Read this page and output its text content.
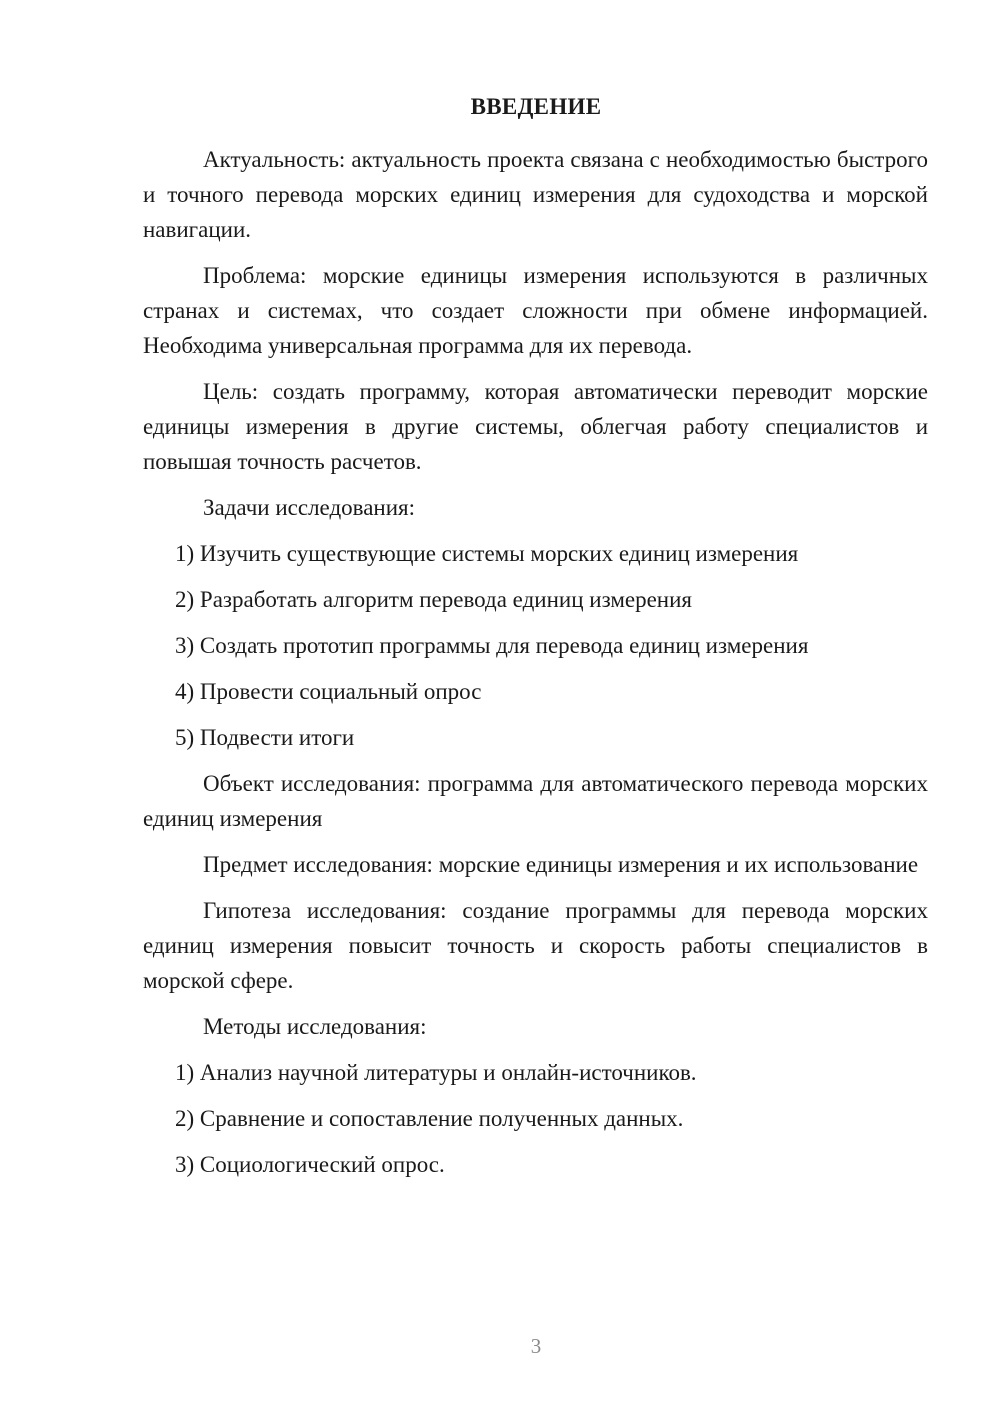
ВВЕДЕНИЕ

Актуальность: актуальность проекта связана с необходимостью быстрого и точного перевода морских единиц измерения для судоходства и морской навигации.

Проблема: морские единицы измерения используются в различных странах и системах, что создает сложности при обмене информацией. Необходима универсальная программа для их перевода.

Цель: создать программу, которая автоматически переводит морские единицы измерения в другие системы, облегчая работу специалистов и повышая точность расчетов.

Задачи исследования:

1) Изучить существующие системы морских единиц измерения
2) Разработать алгоритм перевода единиц измерения
3) Создать прототип программы для перевода единиц измерения
4) Провести социальный опрос
5) Подвести итоги

Объект исследования: программа для автоматического перевода морских единиц измерения

Предмет исследования: морские единицы измерения и их использование

Гипотеза исследования: создание программы для перевода морских единиц измерения повысит точность и скорость работы специалистов в морской сфере.

Методы исследования:

1) Анализ научной литературы и онлайн-источников.
2) Сравнение и сопоставление полученных данных.
3) Социологический опрос.
3
